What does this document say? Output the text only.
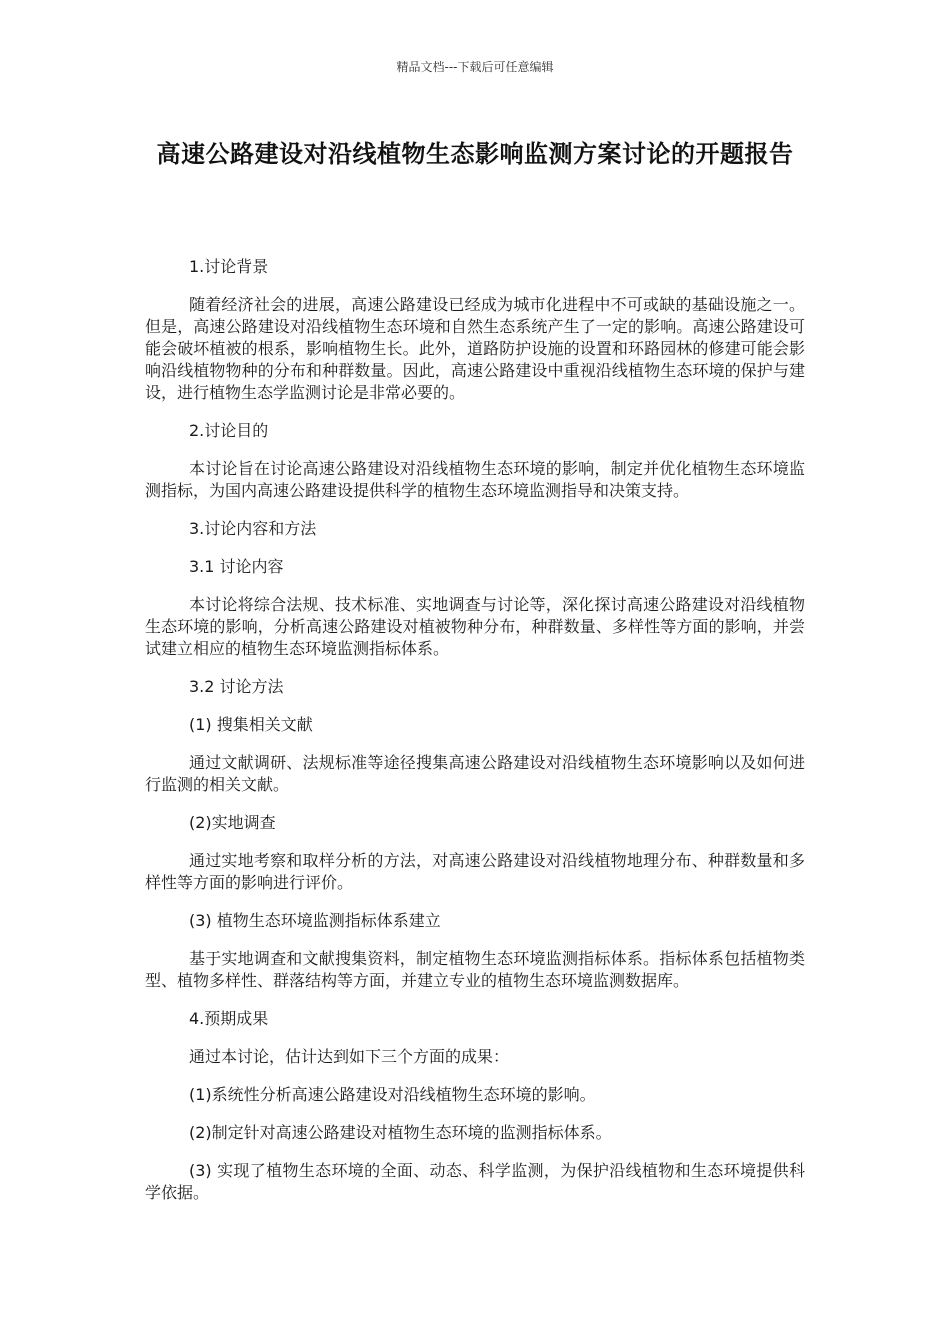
精品文档---下载后可任意编辑
高速公路建设对沿线植物生态影响监测方案讨论的开题报告

1.讨论背景

随着经济社会的进展，高速公路建设已经成为城市化进程中不可或缺的基础设施之一。但是，高速公路建设对沿线植物生态环境和自然生态系统产生了一定的影响。高速公路建设可能会破坏植被的根系，影响植物生长。此外，道路防护设施的设置和环路园林的修建可能会影响沿线植物物种的分布和种群数量。因此，高速公路建设中重视沿线植物生态环境的保护与建设，进行植物生态学监测讨论是非常必要的。

2.讨论目的

本讨论旨在讨论高速公路建设对沿线植物生态环境的影响，制定并优化植物生态环境监测指标，为国内高速公路建设提供科学的植物生态环境监测指导和决策支持。

3.讨论内容和方法

3.1 讨论内容

本讨论将综合法规、技术标准、实地调查与讨论等，深化探讨高速公路建设对沿线植物生态环境的影响，分析高速公路建设对植被物种分布，种群数量、多样性等方面的影响，并尝试建立相应的植物生态环境监测指标体系。

3.2 讨论方法

(1) 搜集相关文献

通过文献调研、法规标准等途径搜集高速公路建设对沿线植物生态环境影响以及如何进行监测的相关文献。

(2)实地调查

通过实地考察和取样分析的方法，对高速公路建设对沿线植物地理分布、种群数量和多样性等方面的影响进行评价。

(3) 植物生态环境监测指标体系建立

基于实地调查和文献搜集资料，制定植物生态环境监测指标体系。指标体系包括植物类型、植物多样性、群落结构等方面，并建立专业的植物生态环境监测数据库。

4.预期成果

通过本讨论，估计达到如下三个方面的成果：

(1)系统性分析高速公路建设对沿线植物生态环境的影响。

(2)制定针对高速公路建设对植物生态环境的监测指标体系。

(3) 实现了植物生态环境的全面、动态、科学监测，为保护沿线植物和生态环境提供科学依据。
